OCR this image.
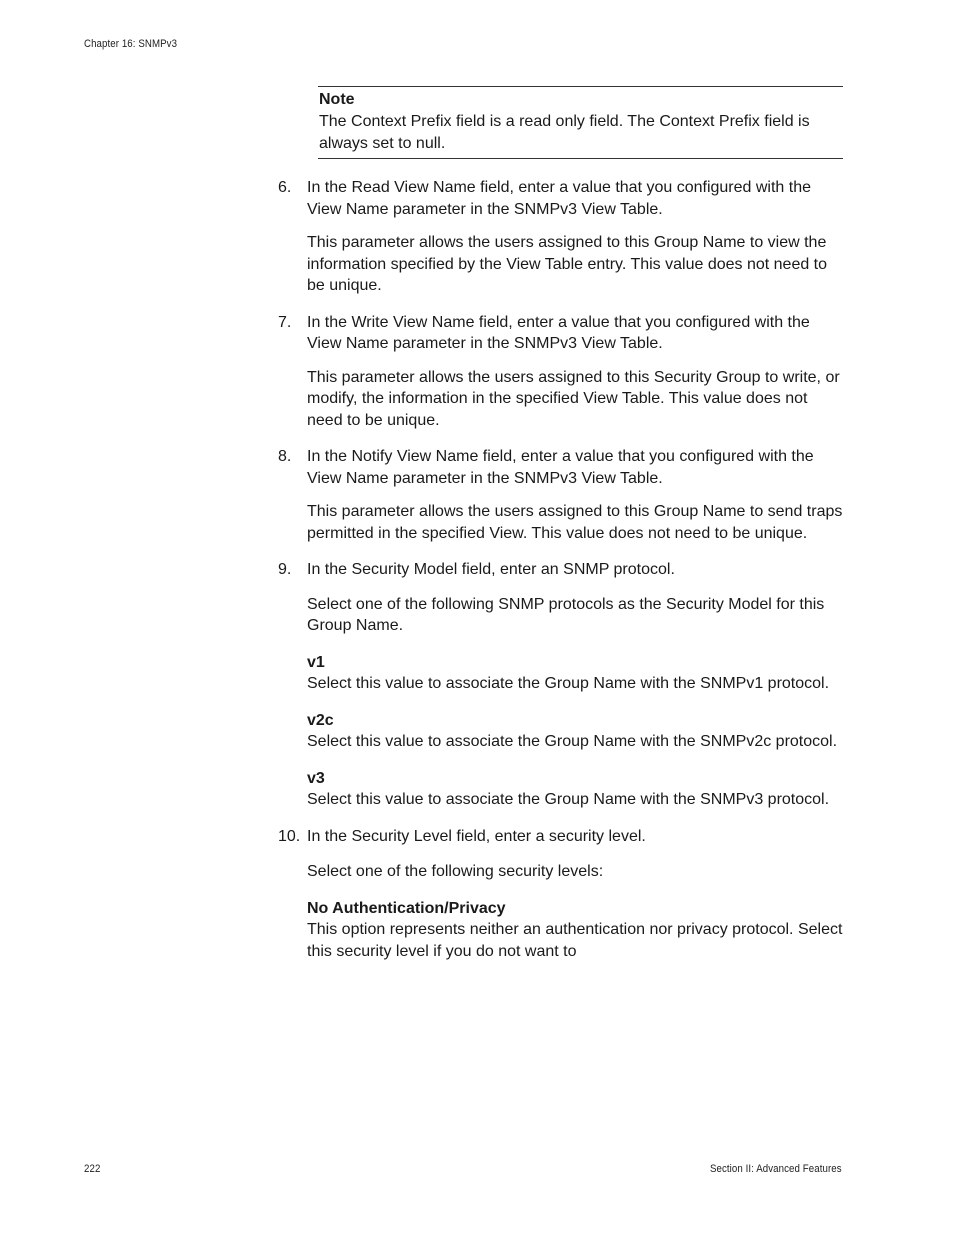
Chapter 16: SNMPv3
Note
The Context Prefix field is a read only field. The Context Prefix field is always set to null.
6. In the Read View Name field, enter a value that you configured with the View Name parameter in the SNMPv3 View Table.

This parameter allows the users assigned to this Group Name to view the information specified by the View Table entry. This value does not need to be unique.

7. In the Write View Name field, enter a value that you configured with the View Name parameter in the SNMPv3 View Table.

This parameter allows the users assigned to this Security Group to write, or modify, the information in the specified View Table. This value does not need to be unique.

8. In the Notify View Name field, enter a value that you configured with the View Name parameter in the SNMPv3 View Table.

This parameter allows the users assigned to this Group Name to send traps permitted in the specified View. This value does not need to be unique.

9. In the Security Model field, enter an SNMP protocol.

Select one of the following SNMP protocols as the Security Model for this Group Name.

v1

Select this value to associate the Group Name with the SNMPv1 protocol.

v2c

Select this value to associate the Group Name with the SNMPv2c protocol.

v3

Select this value to associate the Group Name with the SNMPv3 protocol.

10. In the Security Level field, enter a security level.

Select one of the following security levels:

No Authentication/Privacy

This option represents neither an authentication nor privacy protocol. Select this security level if you do not want to

222	Section II: Advanced Features
